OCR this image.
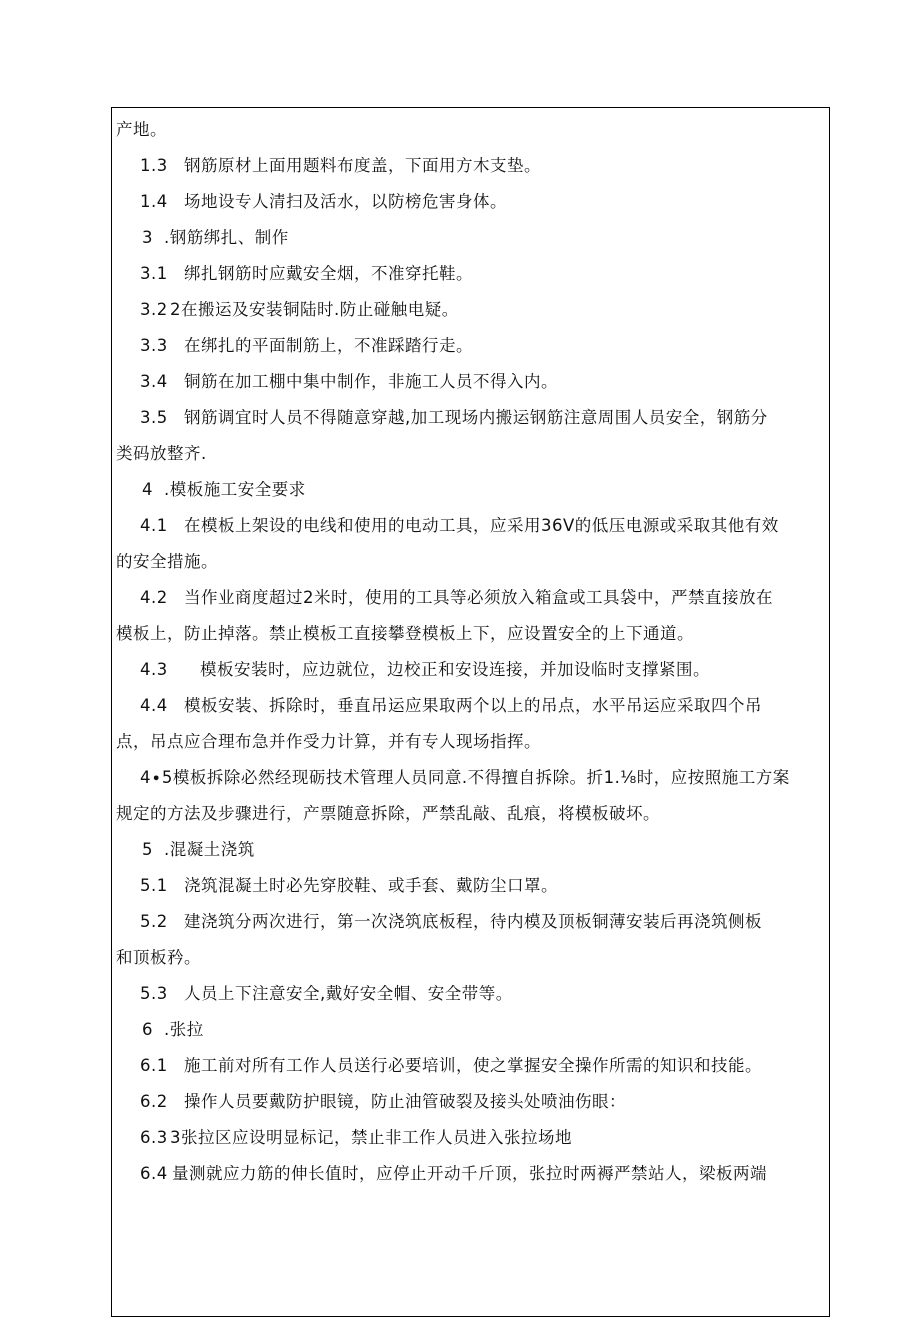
产地。
1.3 钢筋原材上面用题料布度盖，下面用方木支垫。
1.4 场地设专人清扫及活水，以防榜危害身体。
3 .钢筋绑扎、制作
3.1 绑扎钢筋时应戴安全烟，不准穿托鞋。
3.2 2在搬运及安装铜陆时.防止碰触电疑。
3.3 在绑扎的平面制筋上，不准踩踏行走。
3.4 铜筋在加工棚中集中制作，非施工人员不得入内。
3.5 钢筋调宜时人员不得随意穿越,加工现场内搬运钢筋注意周围人员安全，钢筋分
类码放整齐.
4 .模板施工安全要求
4.1 在模板上架设的电线和使用的电动工具，应采用36V的低压电源或采取其他有效
的安全措施。
4.2 当作业商度超过2米时，使用的工具等必须放入箱盒或工具袋中，严禁直接放在
模板上，防止掉落。禁止模板工直接攀登模板上下，应设置安全的上下通道。
4.3 模板安装时，应边就位，边校正和安设连接，并加设临时支撑紧围。
4.4 模板安装、拆除时，垂直吊运应果取两个以上的吊点，水平吊运应采取四个吊
点，吊点应合理布急并作受力计算，并有专人现场指挥。
4∙5模板拆除必然经现砺技术管理人员同意.不得擅自拆除。折1.⅛时，应按照施工方案
规定的方法及步骤进行，产票随意拆除，严禁乱敲、乱痕，将模板破坏。
5 .混凝土浇筑
5.1 浇筑混凝土时必先穿胶鞋、或手套、戴防尘口罩。
5.2 建浇筑分两次进行，第一次浇筑底板程，待内模及顶板铜薄安装后再浇筑侧板
和顶板矜。
5.3 人员上下注意安全,戴好安全帽、安全带等。
6 .张拉
6.1 施工前对所有工作人员送行必要培训，使之掌握安全操作所需的知识和技能。
6.2 操作人员要戴防护眼镜，防止油管破裂及接头处喷油伤眼：
6.3 3张拉区应设明显标记，禁止非工作人员进入张拉场地
6.4 量测就应力筋的伸长值时，应停止开动千斤顶，张拉时两褥严禁站人，梁板两端
